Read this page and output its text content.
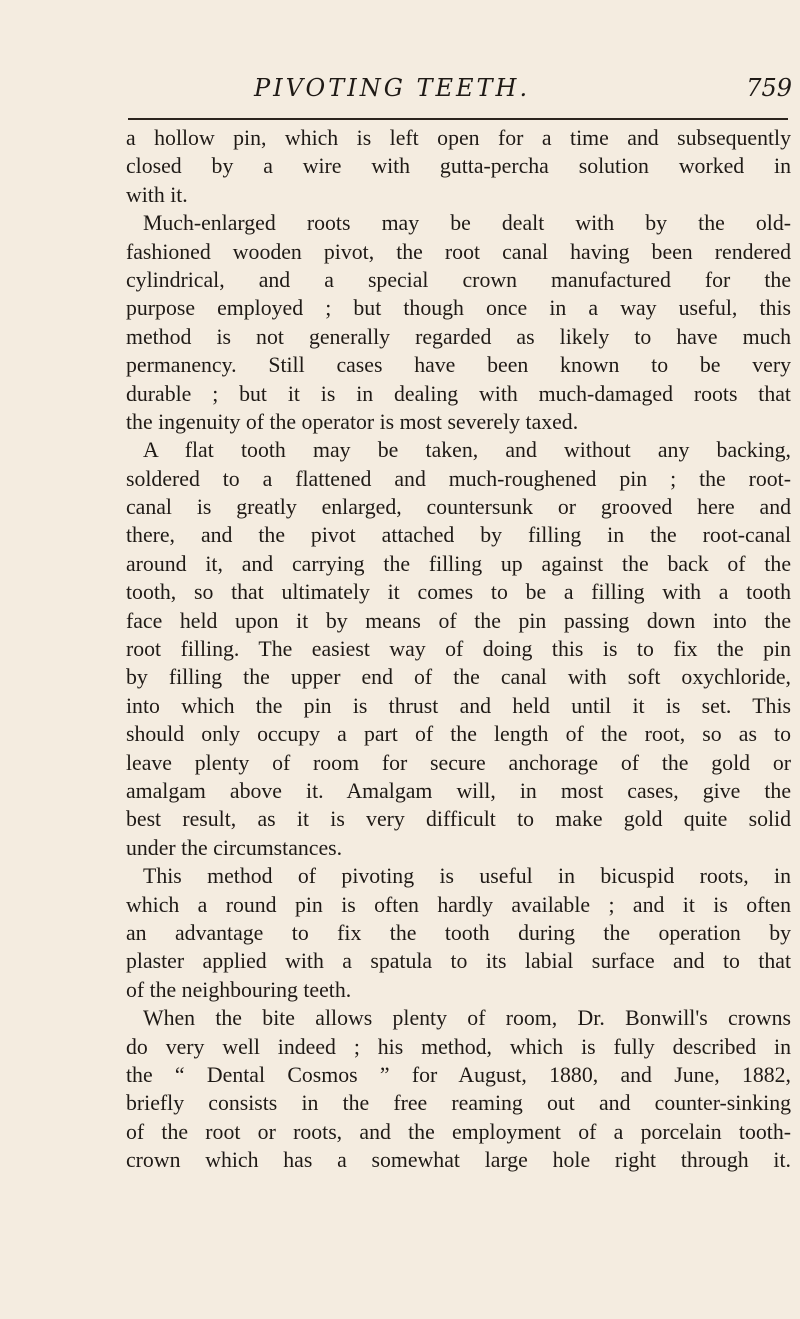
PIVOTING TEETH.	759

a hollow pin, which is left open for a time and subsequently

closed by a wire with gutta-percha solution worked in

with it.

Much-enlarged roots may be dealt with by the old-

fashioned wooden pivot, the root canal having been rendered

cylindrical, and a special crown manufactured for the

purpose employed ; but though once in a way useful, this

method is not generally regarded as likely to have much

permanency. Still cases have been known to be very

durable ; but it is in dealing with much-damaged roots that

the ingenuity of the operator is most severely taxed.

A flat tooth may be taken, and without any backing,

soldered to a flattened and much-roughened pin ; the root-

canal is greatly enlarged, countersunk or grooved here and

there, and the pivot attached by filling in the root-canal

around it, and carrying the filling up against the back of the

tooth, so that ultimately it comes to be a filling with a tooth

face held upon it by means of the pin passing down into the

root filling. The easiest way of doing this is to fix the pin

by filling the upper end of the canal with soft oxychloride,

into which the pin is thrust and held until it is set. This

should only occupy a part of the length of the root, so as to

leave plenty of room for secure anchorage of the gold or

amalgam above it. Amalgam will, in most cases, give the

best result, as it is very difficult to make gold quite solid

under the circumstances.

This method of pivoting is useful in bicuspid roots, in

which a round pin is often hardly available ; and it is often

an advantage to fix the tooth during the operation by

plaster applied with a spatula to its labial surface and to that

of the neighbouring teeth.

When the bite allows plenty of room, Dr. Bonwill's crowns

do very well indeed ; his method, which is fully described in

the “ Dental Cosmos ” for August, 1880, and June, 1882,

briefly consists in the free reaming out and counter-sinking

of the root or roots, and the employment of a porcelain tooth-

crown which has a somewhat large hole right through it.
